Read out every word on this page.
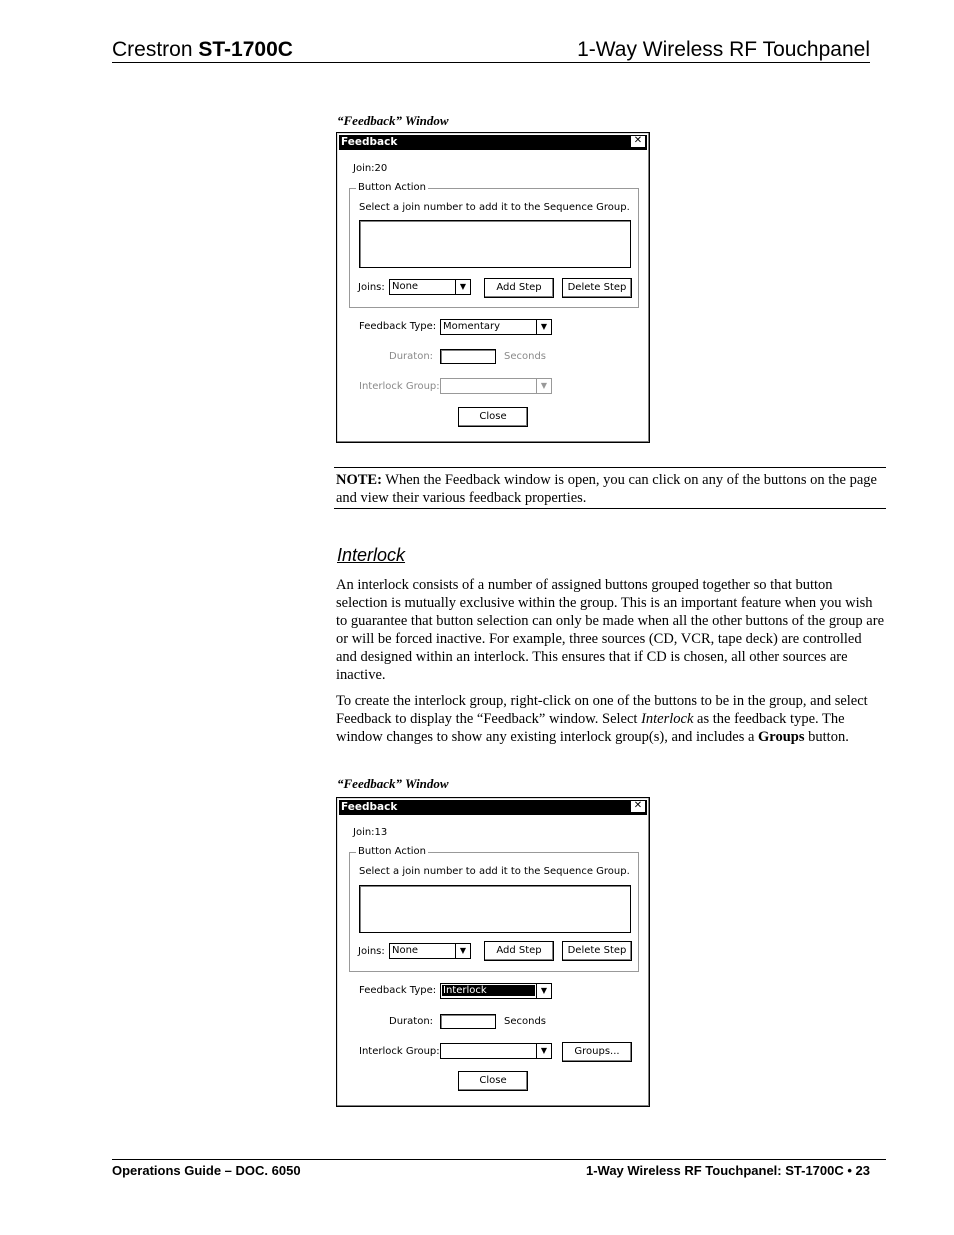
Crestron ST-1700C	1-Way Wireless RF Touchpanel
“Feedback” Window
Feedback	✕
Join:20
Button Action
Select a join number to add it to the Sequence Group.
Joins: None	▼	Add Step	Delete Step
Feedback Type: Momentary	▼
Duraton:	Seconds
Interlock Group:	▼
Close
NOTE: When the Feedback window is open, you can click on any of the buttons on the page and view their various feedback properties.
Interlock
An interlock consists of a number of assigned buttons grouped together so that button selection is mutually exclusive within the group. This is an important feature when you wish to guarantee that button selection can only be made when all the other buttons of the group are or will be forced inactive. For example, three sources (CD, VCR, tape deck) are controlled and designed within an interlock. This ensures that if CD is chosen, all other sources are inactive.
To create the interlock group, right-click on one of the buttons to be in the group, and select Feedback to display the “Feedback” window. Select Interlock as the feedback type. The window changes to show any existing interlock group(s), and includes a Groups button.
“Feedback” Window
Feedback	✕
Join:13
Button Action
Select a join number to add it to the Sequence Group.
Joins: None	▼	Add Step	Delete Step
Feedback Type: Interlock	▼
Duraton:	Seconds
Interlock Group:	▼	Groups...
Close
Operations Guide – DOC. 6050	1-Way Wireless RF Touchpanel: ST-1700C • 23
